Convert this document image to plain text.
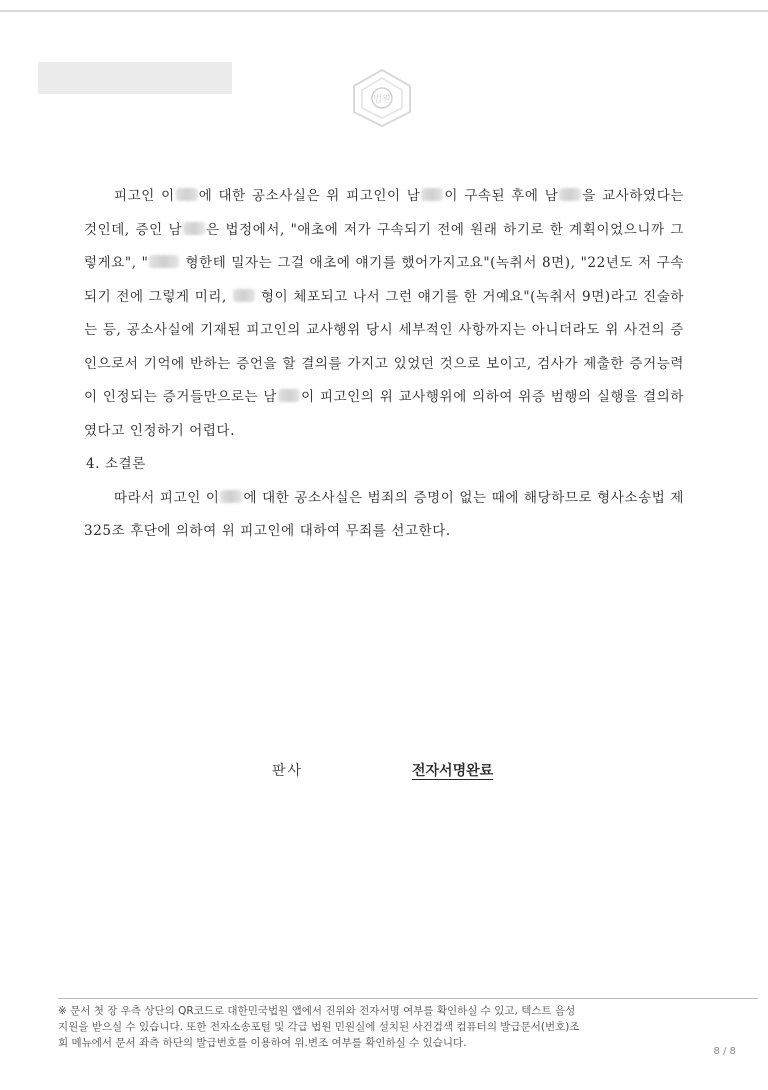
법원

피고인 이 에 대한 공소사실은 위 피고인이 남 이 구속된 후에 남 을 교사하였다는 것인데, 증인 남 은 법정에서, "애초에 저가 구속되기 전에 원래 하기로 한 계획이었으니까 그렇게요", " 형한테 밀자는 그걸 애초에 얘기를 했어가지고요"(녹취서 8면), "22년도 저 구속되기 전에 그렇게 미리,  형이 체포되고 나서 그런 얘기를 한 거예요"(녹취서 9면)라고 진술하는 등, 공소사실에 기재된 피고인의 교사행위 당시 세부적인 사항까지는 아니더라도 위 사건의 증인으로서 기억에 반하는 증언을 할 결의를 가지고 있었던 것으로 보이고, 검사가 제출한 증거능력이 인정되는 증거들만으로는 남 이 피고인의 위 교사행위에 의하여 위증 범행의 실행을 결의하였다고 인정하기 어렵다.

4. 소결론

따라서 피고인 이 에 대한 공소사실은 범죄의 증명이 없는 때에 해당하므로 형사소송법 제325조 후단에 의하여 위 피고인에 대하여 무죄를 선고한다.

판사	전자서명완료

※ 문서 첫 장 우측 상단의 QR코드로 대한민국법원 앱에서 진위와 전자서명 여부를 확인하실 수 있고, 텍스트 음성

지원을 받으실 수 있습니다. 또한 전자소송포털 및 각급 법원 민원실에 설치된 사건검색 컴퓨터의 발급문서(번호)조

회 메뉴에서 문서 좌측 하단의 발급번호를 이용하여 위.변조 여부를 확인하실 수 있습니다.

8 / 8
